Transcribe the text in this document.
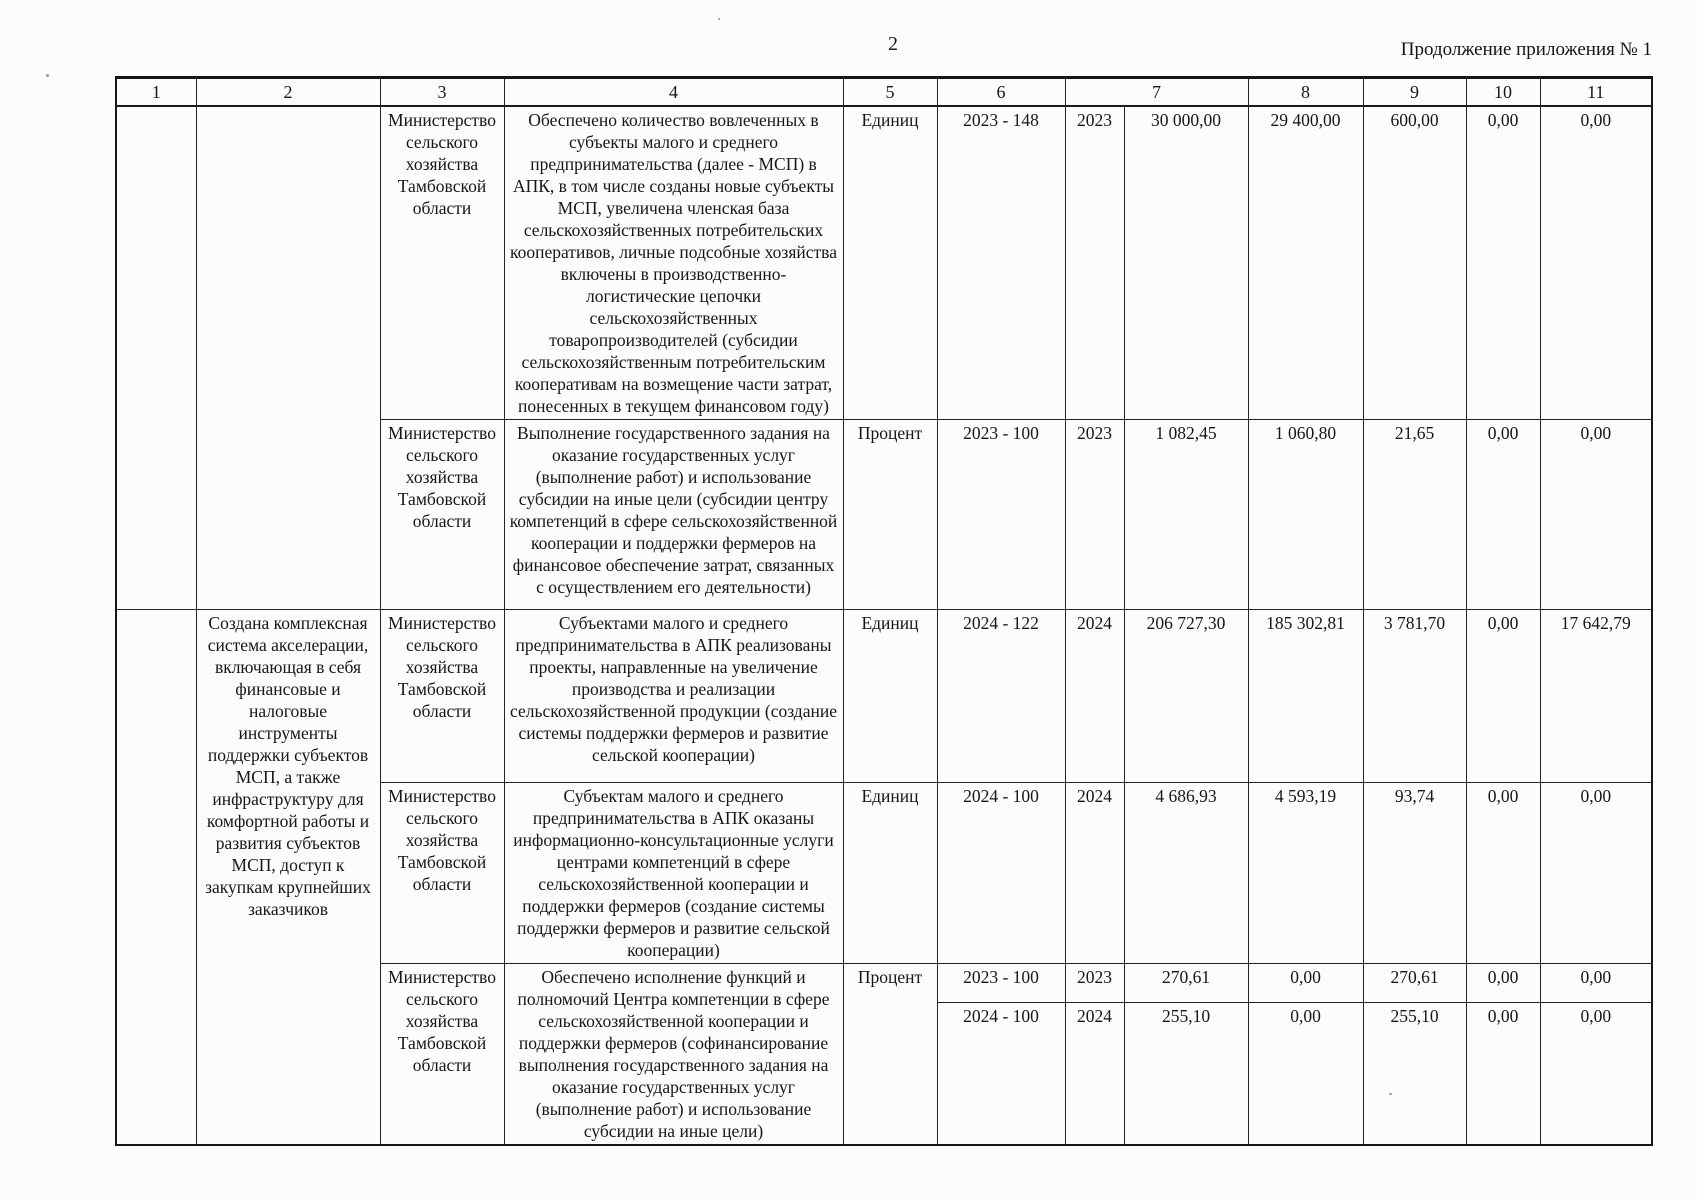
2	Продолжение приложения № 1
1	2	3	4	5	6	7		8	9	10	11
		Министерство сельского хозяйства Тамбовской области	Обеспечено количество вовлеченных в субъекты малого и среднего предпринимательства (далее - МСП) в АПК, в том числе созданы новые субъекты МСП, увеличена членская база сельскохозяйственных потребительских кооперативов, личные подсобные хозяйства включены в производственно-логистические цепочки сельскохозяйственных товаропроизводителей (субсидии сельскохозяйственным потребительским кооперативам на возмещение части затрат, понесенных в текущем финансовом году)	Единиц	2023 - 148	2023	30 000,00	29 400,00	600,00	0,00	0,00
		Министерство сельского хозяйства Тамбовской области	Выполнение государственного задания на оказание государственных услуг (выполнение работ) и использование субсидии на иные цели (субсидии центру компетенций в сфере сельскохозяйственной кооперации и поддержки фермеров на финансовое обеспечение затрат, связанных с осуществлением его деятельности)	Процент	2023 - 100	2023	1 082,45	1 060,80	21,65	0,00	0,00
	Создана комплексная система акселерации, включающая в себя финансовые и налоговые инструменты поддержки субъектов МСП, а также инфраструктуру для комфортной работы и развития субъектов МСП, доступ к закупкам крупнейших заказчиков	Министерство сельского хозяйства Тамбовской области	Субъектами малого и среднего предпринимательства в АПК реализованы проекты, направленные на увеличение производства и реализации сельскохозяйственной продукции (создание системы поддержки фермеров и развитие сельской кооперации)	Единиц	2024 - 122	2024	206 727,30	185 302,81	3 781,70	0,00	17 642,79
		Министерство сельского хозяйства Тамбовской области	Субъектам малого и среднего предпринимательства в АПК оказаны информационно-консультационные услуги центрами компетенций в сфере сельскохозяйственной кооперации и поддержки фермеров (создание системы поддержки фермеров и развитие сельской кооперации)	Единиц	2024 - 100	2024	4 686,93	4 593,19	93,74	0,00	0,00
		Министерство сельского хозяйства Тамбовской области	Обеспечено исполнение функций и полномочий Центра компетенции в сфере сельскохозяйственной кооперации и поддержки фермеров (софинансирование выполнения государственного задания на оказание государственных услуг (выполнение работ) и использование субсидии на иные цели)	Процент	2023 - 100	2023	270,61	0,00	270,61	0,00	0,00
					2024 - 100	2024	255,10	0,00	255,10	0,00	0,00
